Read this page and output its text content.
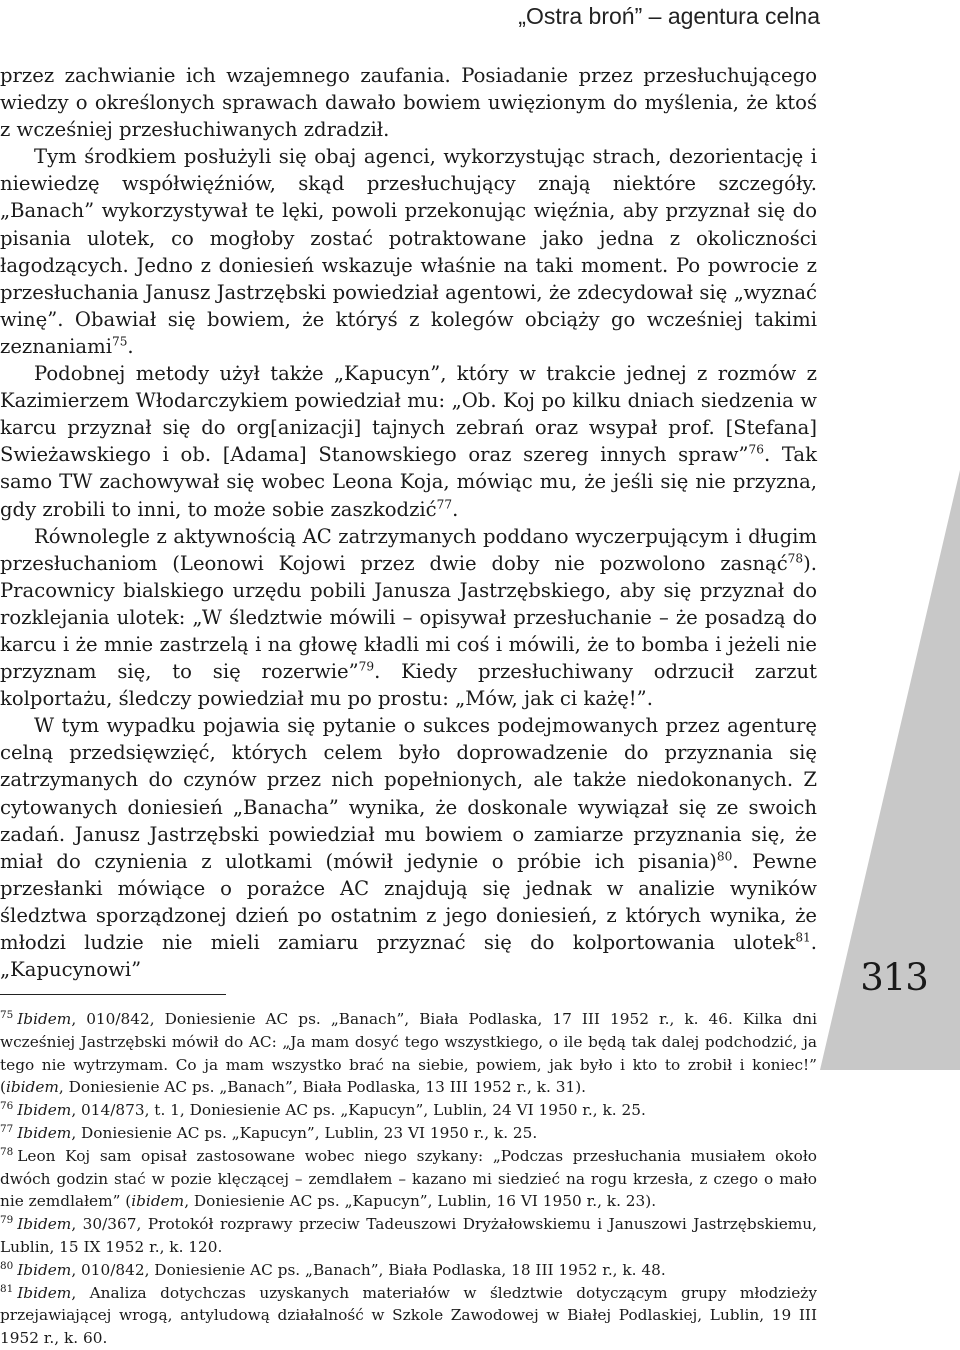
„Ostra broń” – agentura celna

przez zachwianie ich wzajemnego zaufania. Posiadanie przez przesłuchującego wiedzy o określonych sprawach dawało bowiem uwięzionym do myślenia, że ktoś z wcześniej przesłuchiwanych zdradził.

Tym środkiem posłużyli się obaj agenci, wykorzystując strach, dezorientację i niewiedzę współwięźniów, skąd przesłuchujący znają niektóre szczegóły. „Banach” wykorzystywał te lęki, powoli przekonując więźnia, aby przyznał się do pisania ulotek, co mogłoby zostać potraktowane jako jedna z okoliczności łagodzących. Jedno z doniesień wskazuje właśnie na taki moment. Po powrocie z przesłuchania Janusz Jastrzębski powiedział agentowi, że zdecydował się „wyznać winę”. Obawiał się bowiem, że któryś z kolegów obciąży go wcześniej takimi zeznaniami$^{75}$.

Podobnej metody użył także „Kapucyn”, który w trakcie jednej z rozmów z Kazimierzem Włodarczykiem powiedział mu: „Ob. Koj po kilku dniach siedzenia w karcu przyznał się do org[anizacji] tajnych zebrań oraz wsypał prof. [Stefana] Swieżawskiego i ob. [Adama] Stanowskiego oraz szereg innych spraw”$^{76}$. Tak samo TW zachowywał się wobec Leona Koja, mówiąc mu, że jeśli się nie przyzna, gdy zrobili to inni, to może sobie zaszkodzić$^{77}$.

Równolegle z aktywnością AC zatrzymanych poddano wyczerpującym i długim przesłuchaniom (Leonowi Kojowi przez dwie doby nie pozwolono zasnąć$^{78}$). Pracownicy bialskiego urzędu pobili Janusza Jastrzębskiego, aby się przyznał do rozklejania ulotek: „W śledztwie mówili – opisywał przesłuchanie – że posadzą do karcu i że mnie zastrzelą i na głowę kładli mi coś i mówili, że to bomba i jeżeli nie przyznam się, to się rozerwie”$^{79}$. Kiedy przesłuchiwany odrzucił zarzut kolportażu, śledczy powiedział mu po prostu: „Mów, jak ci każę!”.

W tym wypadku pojawia się pytanie o sukces podejmowanych przez agenturę celną przedsięwzięć, których celem było doprowadzenie do przyznania się zatrzymanych do czynów przez nich popełnionych, ale także niedokonanych. Z cytowanych doniesień „Banacha” wynika, że doskonale wywiązał się ze swoich zadań. Janusz Jastrzębski powiedział mu bowiem o zamiarze przyznania się, że miał do czynienia z ulotkami (mówił jedynie o próbie ich pisania)$^{80}$. Pewne przesłanki mówiące o porażce AC znajdują się jednak w analizie wyników śledztwa sporządzonej dzień po ostatnim z jego doniesień, z których wynika, że młodzi ludzie nie mieli zamiaru przyznać się do kolportowania ulotek$^{81}$. „Kapucynowi”

$^{75}$ Ibidem, 010/842, Doniesienie AC ps. „Banach”, Biała Podlaska, 17 III 1952 r., k. 46. Kilka dni wcześniej Jastrzębski mówił do AC: „Ja mam dosyć tego wszystkiego, o ile będą tak dalej podchodzić, ja tego nie wytrzymam. Co ja mam wszystko brać na siebie, powiem, jak było i kto to zrobił i koniec!” (ibidem, Doniesienie AC ps. „Banach”, Biała Podlaska, 13 III 1952 r., k. 31).

$^{76}$ Ibidem, 014/873, t. 1, Doniesienie AC ps. „Kapucyn”, Lublin, 24 VI 1950 r., k. 25.

$^{77}$ Ibidem, Doniesienie AC ps. „Kapucyn”, Lublin, 23 VI 1950 r., k. 25.

$^{78}$ Leon Koj sam opisał zastosowane wobec niego szykany: „Podczas przesłuchania musiałem około dwóch godzin stać w pozie klęczącej – zemdlałem – kazano mi siedzieć na rogu krzesła, z czego o mało nie zemdlałem” (ibidem, Doniesienie AC ps. „Kapucyn”, Lublin, 16 VI 1950 r., k. 23).

$^{79}$ Ibidem, 30/367, Protokół rozprawy przeciw Tadeuszowi Dryżałowskiemu i Januszowi Jastrzębskiemu, Lublin, 15 IX 1952 r., k. 120.

$^{80}$ Ibidem, 010/842, Doniesienie AC ps. „Banach”, Biała Podlaska, 18 III 1952 r., k. 48.

$^{81}$ Ibidem, Analiza dotychczas uzyskanych materiałów w śledztwie dotyczącym grupy młodzieży przejawiającej wrogą, antyludową działalność w Szkole Zawodowej w Białej Podlaskiej, Lublin, 19 III 1952 r., k. 60.

313
